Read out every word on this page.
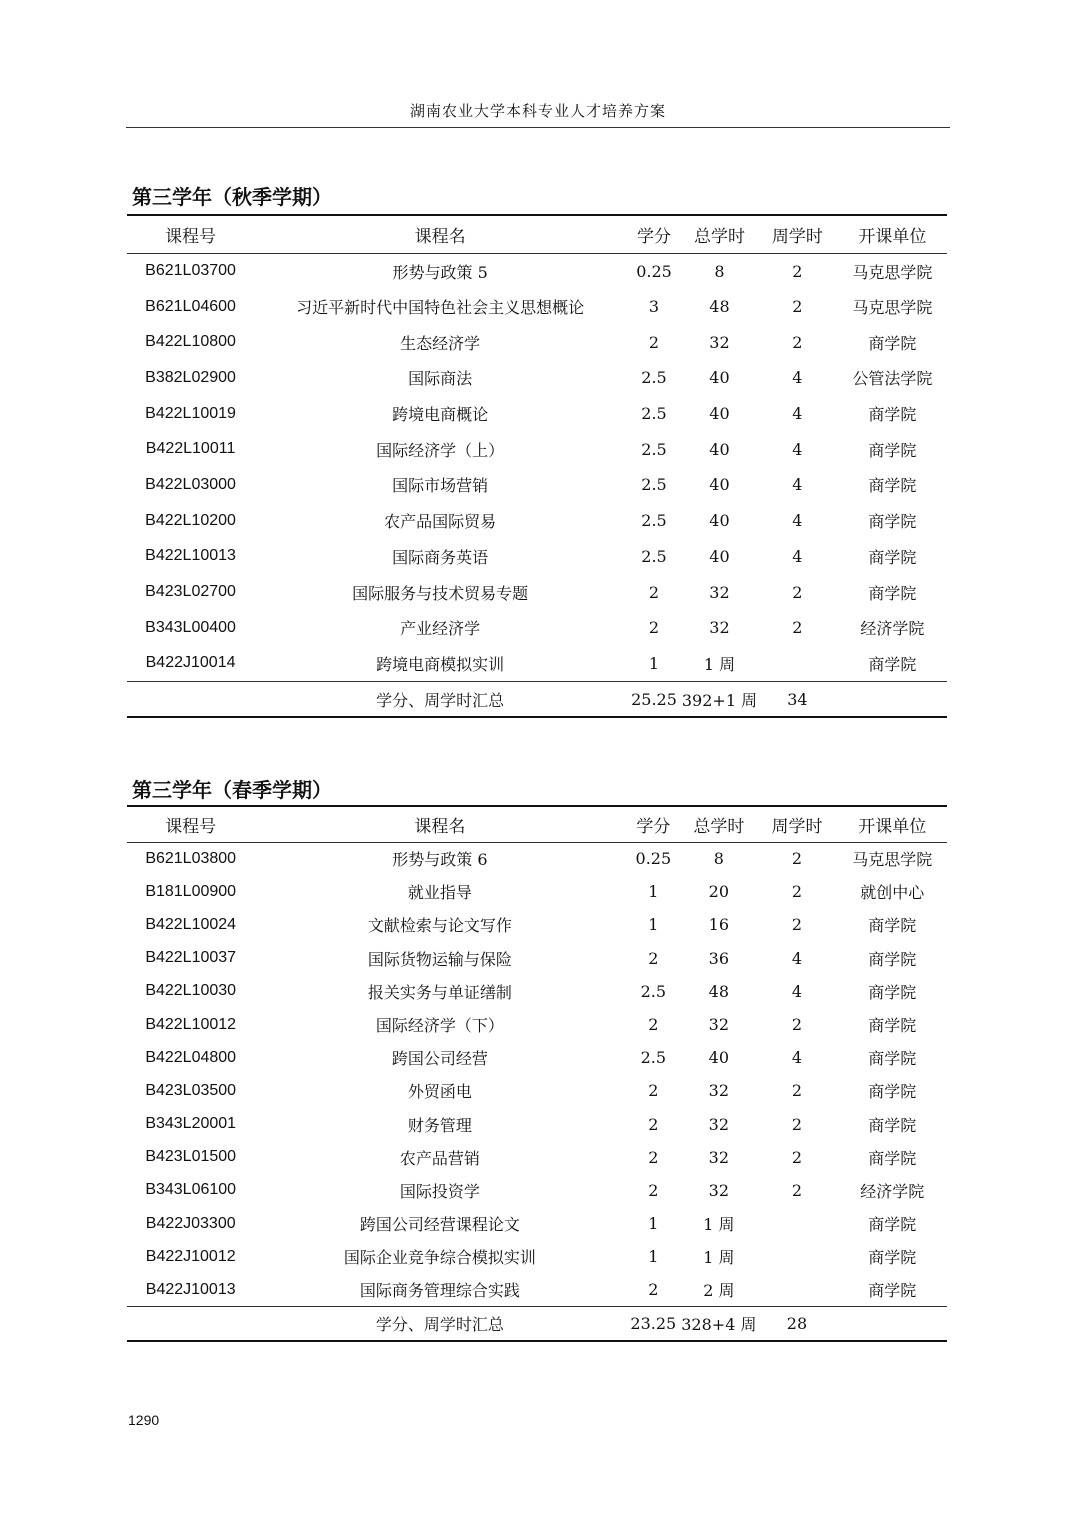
湖南农业大学本科专业人才培养方案
第三学年（秋季学期）
课程号	课程名	学分	总学时	周学时	开课单位
B621L03700	形势与政策 5	0.25	8	2	马克思学院
B621L04600	习近平新时代中国特色社会主义思想概论	3	48	2	马克思学院
B422L10800	生态经济学	2	32	2	商学院
B382L02900	国际商法	2.5	40	4	公管法学院
B422L10019	跨境电商概论	2.5	40	4	商学院
B422L10011	国际经济学（上）	2.5	40	4	商学院
B422L03000	国际市场营销	2.5	40	4	商学院
B422L10200	农产品国际贸易	2.5	40	4	商学院
B422L10013	国际商务英语	2.5	40	4	商学院
B423L02700	国际服务与技术贸易专题	2	32	2	商学院
B343L00400	产业经济学	2	32	2	经济学院
B422J10014	跨境电商模拟实训	1	1 周		商学院
	学分、周学时汇总	25.25	392+1 周	34	
第三学年（春季学期）
课程号	课程名	学分	总学时	周学时	开课单位
B621L03800	形势与政策 6	0.25	8	2	马克思学院
B181L00900	就业指导	1	20	2	就创中心
B422L10024	文献检索与论文写作	1	16	2	商学院
B422L10037	国际货物运输与保险	2	36	4	商学院
B422L10030	报关实务与单证缮制	2.5	48	4	商学院
B422L10012	国际经济学（下）	2	32	2	商学院
B422L04800	跨国公司经营	2.5	40	4	商学院
B423L03500	外贸函电	2	32	2	商学院
B343L20001	财务管理	2	32	2	商学院
B423L01500	农产品营销	2	32	2	商学院
B343L06100	国际投资学	2	32	2	经济学院
B422J03300	跨国公司经营课程论文	1	1 周		商学院
B422J10012	国际企业竞争综合模拟实训	1	1 周		商学院
B422J10013	国际商务管理综合实践	2	2 周		商学院
	学分、周学时汇总	23.25	328+4 周	28	
1290
